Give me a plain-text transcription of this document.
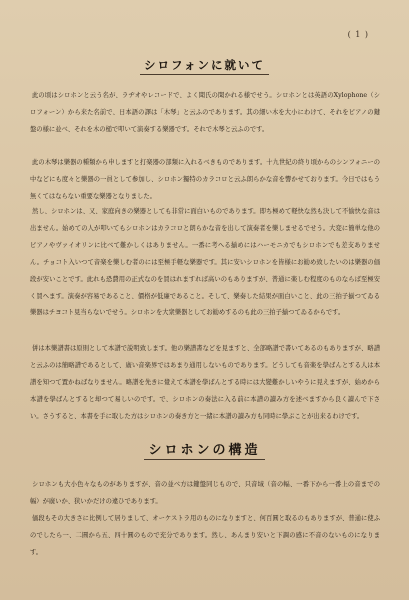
( 1 )
シロフォンに就いて

此の頃はシロホンと云う名が、ラヂオやレコードで、よく聞氏の聞かれる様でせう。シロホンとは英語のXylophone（シロフォーン）から来た名前で、日本語の譯は「木琴」と云ふのであります。其の細い木を大小にわけて、それをピアノの鍵盤の様に並べ、それを木の槌で叩いて演奏する樂器です。それで木琴と云ふのです。

此の木琴は樂器の種類から申しますと打楽器の部類に入れるべきものであります。十九世紀の終り頃からのシンフォニーの中などにも度々と樂器の一員として参加し、シロホン獨特のカラコロと云ふ朗らかな音を響かせております。今日ではもう無くてはならない重要な樂器となりました。

然し、シロホンは、又、家庭向きの樂器としても非常に面白いものであります。即ち極めて軽快な然も決して不愉快な音は出ません。始めての人が叩いてもシロホンはカラコロと朗らかな音を出して演奏者を樂しませるでせう。大変に簡単な他のピアノやヴァイオリンに比べて難かしくはありません。一番に考へる揃めにはハーモニカでもシロホンでも差支ありません。チョコト入いつて音楽を樂しむ者のには至極手軽な樂器です。其に安いシロホンを皆様にお勧め致したいのは樂器の価段が安いことです。此れも恐費用の正式なのを買はれますれば高いのもありますが、普通に楽しむ程度のものならば至極安く買へます。演奏が容易であること、價格が低廉であること。そして、樂奏した結果が面白いこと、此の三拍子揃つてゐる樂器はチヨコト見当らないでせう。シロホンを大衆樂器としてお勧めするのも此の三拍子揃つてゐるからです。

併は本樂譜書は原則として本譜で説明致します。他の樂譜書などを見ますと、全部略譜で書いてあるのもありますが、略譜と云ふのは簡略譜であるとして、廣い音楽界ではあまり通用しないものであります。どうしても音楽を學ばんとする人は本譜を知つて置かねばなりません。略譜を先きに覺えて本譜を學ばんとする時には大變難かしいやうに見えますが、始めから本譜を學ばんとすると却つて易しいのです。で、シロホンの奏法に入る前に本譜の讀み方を述べますから良く讀んで下さい。さうすると、本書を手に取した方はシロホンの奏き方と一緒に本譜の讀み方も同時に學ぶことが出来るわけです。

シロホンの構造

シロホンも大小色々なものがありますが、音の並べ方は鍵盤同じもので、只音域（音の幅、一番下から一番上の音までの幅）が廣いか、狭いかだけの違ひであります。

価段もその大きさに比例して居りまして、オーケストラ用のものになりますと、何百圓と取るのもありますが、普通に使ふのでしたら一、二圓から五、四十圓のもので充分であります。然し、あんまり安いと下調の感に不音のないものになります。
